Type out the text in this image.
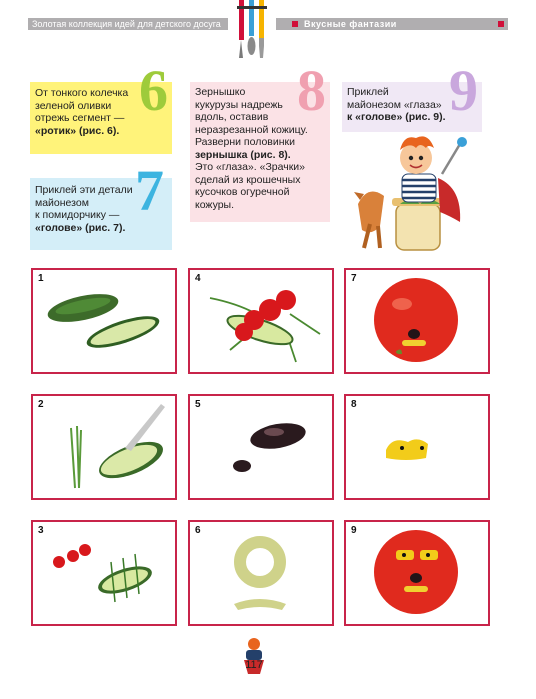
Золотая коллекция идей для детского досуга	Вкусные фантазии
6
От тонкого колечка
зеленой оливки
отрежь сегмент —
«ротик» (рис. 6).
7
Приклей эти детали
майонезом
к помидорчику —
«голове» (рис. 7).
8
Зернышко
кукурузы надрежь
вдоль, оставив
неразрезанной кожицу.
Разверни половинки
зернышка (рис. 8).
Это «глаза». «Зрачки»
сделай из крошечных
кусочков огуречной
кожуры.
9
Приклей
майонезом «глаза»
к «голове» (рис. 9).
1
2
3
4
5
6
7
8
9
117
